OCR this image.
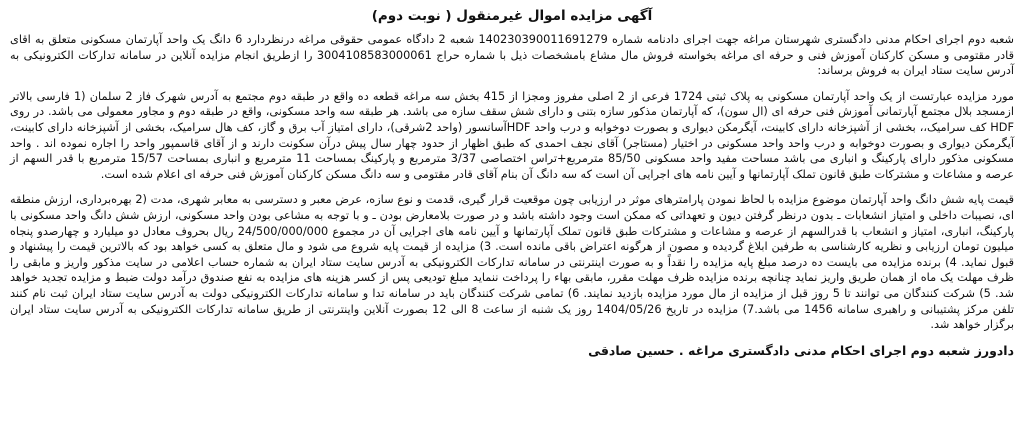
آگهی مزایده اموال غیرمنقول ( نوبت دوم)

شعبه دوم اجرای احکام مدنی دادگستری شهرستان مراغه جهت اجرای دادنامه شماره 140230390011691279 شعبه 2 دادگاه عمومی حقوقی مراغه درنظردارد 6 دانگ یک واحد آپارتمان مسکونی متعلق به اقای قادر مقتومی و مسکن کارکنان آموزش فنی و حرفه ای مراغه بخواسته فروش مال مشاع بامشخصات ذیل با شماره حراج 3004108583000061 را ازطریق انجام مزایده آنلاین در سامانه تدارکات الکترونیکی به آدرس سایت ستاد ایران به فروش برساند:

مورد مزایده عبارتست از یک واحد آپارتمان مسکونی به پلاک ثبتی 1724 فرعی از 2 اصلی مفروز ومجزا از 415 بخش سه مراغه قطعه ده واقع در طبقه دوم مجتمع به آدرس شهرک فاز 2 سلمان (1 فارسی بالاتر ازمسجد بلال مجتمع آپارتمانی آموزش فنی حرفه ای (ال سون)، که آپارتمان مذکور سازه بتنی و دارای شش سقف سازه می باشد. هر طبقه سه واحد مسکونی، واقع در طبقه دوم و مجاور معمولی می باشد. در روی HDF کف سرامیک،، بخشی از آشپزخانه دارای کابینت، آیگرمکن دیواری و بصورت دوخوابه و درب واحد HDFآسانسور (واحد 2شرقی)، دارای امتیاز آب برق و گاز، کف هال سرامیک، بخشی از آشپزخانه دارای کابینت، آیگرمکن دیواری و بصورت دوخوابه و درب واحد واحد مسکونی در اختیار (مستاجر) آقای نجف احمدی که طبق اظهار از حدود چهار سال پیش درآن سکونت دارند و از آقای قاسمپور واحد را اجاره نموده اند . واحد مسکونی مذکور دارای پارکینگ و انباری می باشد مساحت مفید واحد مسکونی 85/50 مترمربع+تراس اختصاصی 3/37 مترمربع و پارکینگ بمساحت 11 مترمربع و انباری بمساحت 15/57 مترمربع با قدر السهم از عرصه و مشاعات و مشترکات طبق قانون تملک آپارتمانها و آیین نامه های اجرایی آن است که سه دانگ آن بنام آقای قادر مقتومی و سه دانگ مسکن کارکنان آموزش فنی حرفه ای اعلام شده است.

قیمت پایه شش دانگ واحد آپارتمان موضوع مزایده با لحاظ نمودن پارامترهای موثر در ارزیابی چون موقعیت قرار گیری، قدمت و نوع سازه، عرض معبر و دسترسی به معابر شهری، مدت (2 بهره‌برداری، ارزش منطقه ای، نصیبات داخلی و امتیاز انشعابات ـ بدون درنظر گرفتن دیون و تعهداتی که ممکن است وجود داشته باشد و در صورت بلامعارض بودن ـ و با توجه به مشاعی بودن واحد مسکونی، ارزش شش دانگ واحد مسکونی با پارکینگ، انباری، امتیاز و انشعاب با قدرالسهم از عرصه و مشاعات و مشترکات طبق قانون تملک آپارتمانها و آیین نامه های اجرایی آن در مجموع 24/500/000/000 ریال بحروف معادل دو میلیارد و چهارصدو پنجاه میلیون تومان ارزیابی و نظریه کارشناسی به طرفین ابلاغ گردیده و مصون از هرگونه اعتراض باقی مانده است. 3) مزایده از قیمت پایه شروع می شود و مال متعلق به کسی خواهد بود که بالاترین قیمت را پیشنهاد و قبول نماید. 4) برنده مزایده می بایست ده درصد مبلغ پایه مزایده را نقداً و به صورت اینترنتی در سامانه تدارکات الکترونیکی به آدرس سایت ستاد ایران به شماره حساب اعلامی در سایت مذکور واریز و مابقی را ظرف مهلت یک ماه از همان طریق واریز نماید چنانچه برنده مزایده ظرف مهلت مقرر، مابقی بهاء را پرداخت ننماید مبلغ تودیعی پس از کسر هزینه های مزایده به نفع صندوق درآمد دولت ضبط و مزایده تجدید خواهد شد. 5) شرکت کنندگان می توانند تا 5 روز قبل از مزایده از مال مورد مزایده بازدید نمایند. 6) تمامی شرکت کنندگان باید در سامانه تدا و سامانه تدارکات الکترونیکی دولت به آدرس سایت ستاد ایران ثبت نام کنند تلفن مرکز پشتیبانی و راهبری سامانه 1456 می باشد.7) مزایده در تاریخ 1404/05/26 روز یک شنبه از ساعت 8 الی 12 بصورت آنلاین واینترنتی از طریق سامانه تدارکات الکترونیکی به آدرس سایت ستاد ایران برگزار خواهد شد.

دادورز شعبه دوم اجرای احکام مدنی دادگستری مراغه . حسین صادقی
